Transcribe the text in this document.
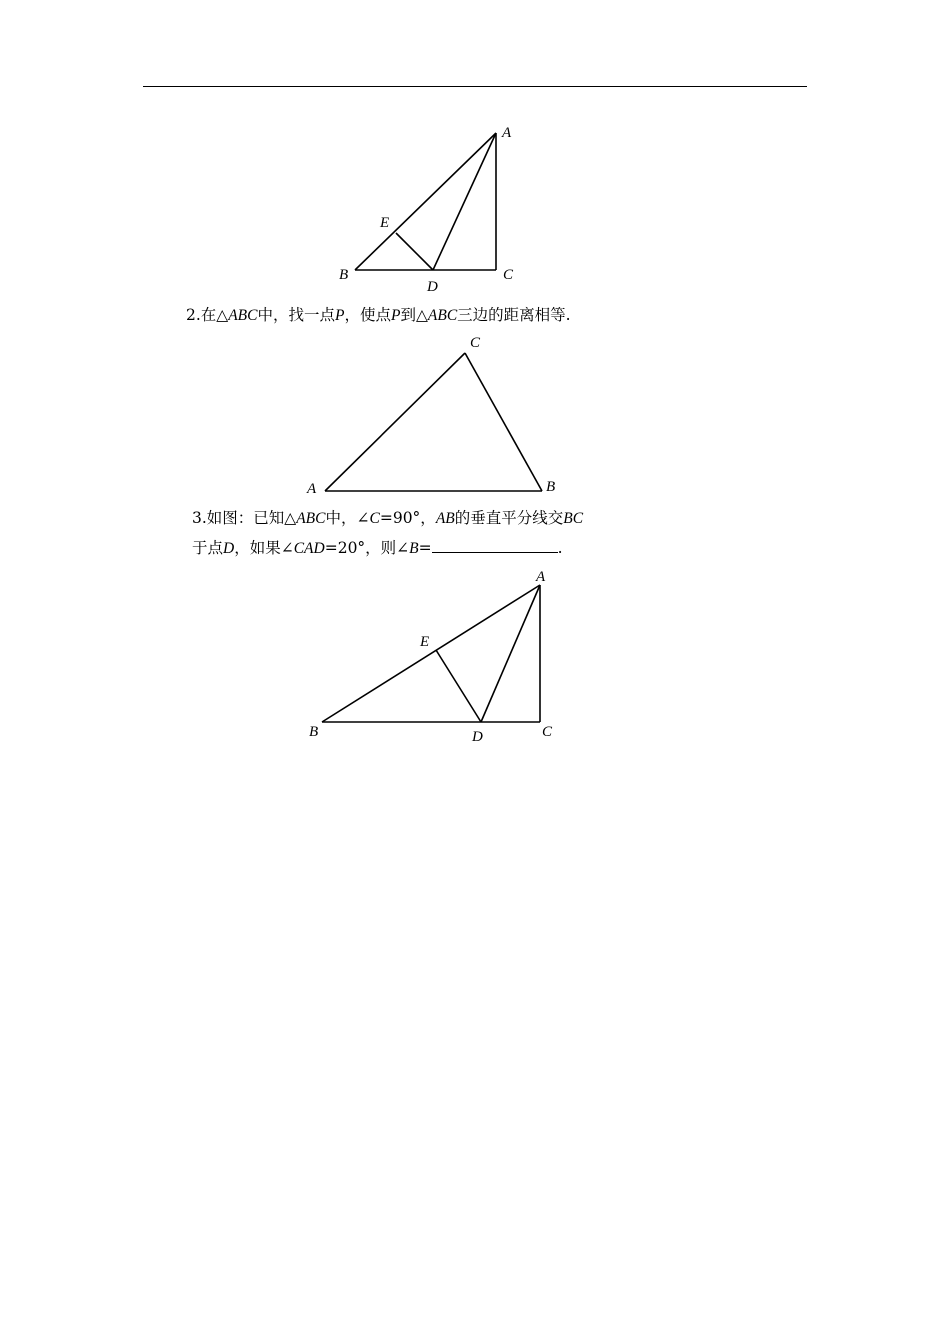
A
E
B
D
C
2.在△ABC中，找一点P，使点P到△ABC三边的距离相等.
C
A	B
3.如图：已知△ABC中，∠C=90°，AB的垂直平分线交BC
于点D，如果∠CAD=20°，则∠B=	.
A
E
B	D	C
